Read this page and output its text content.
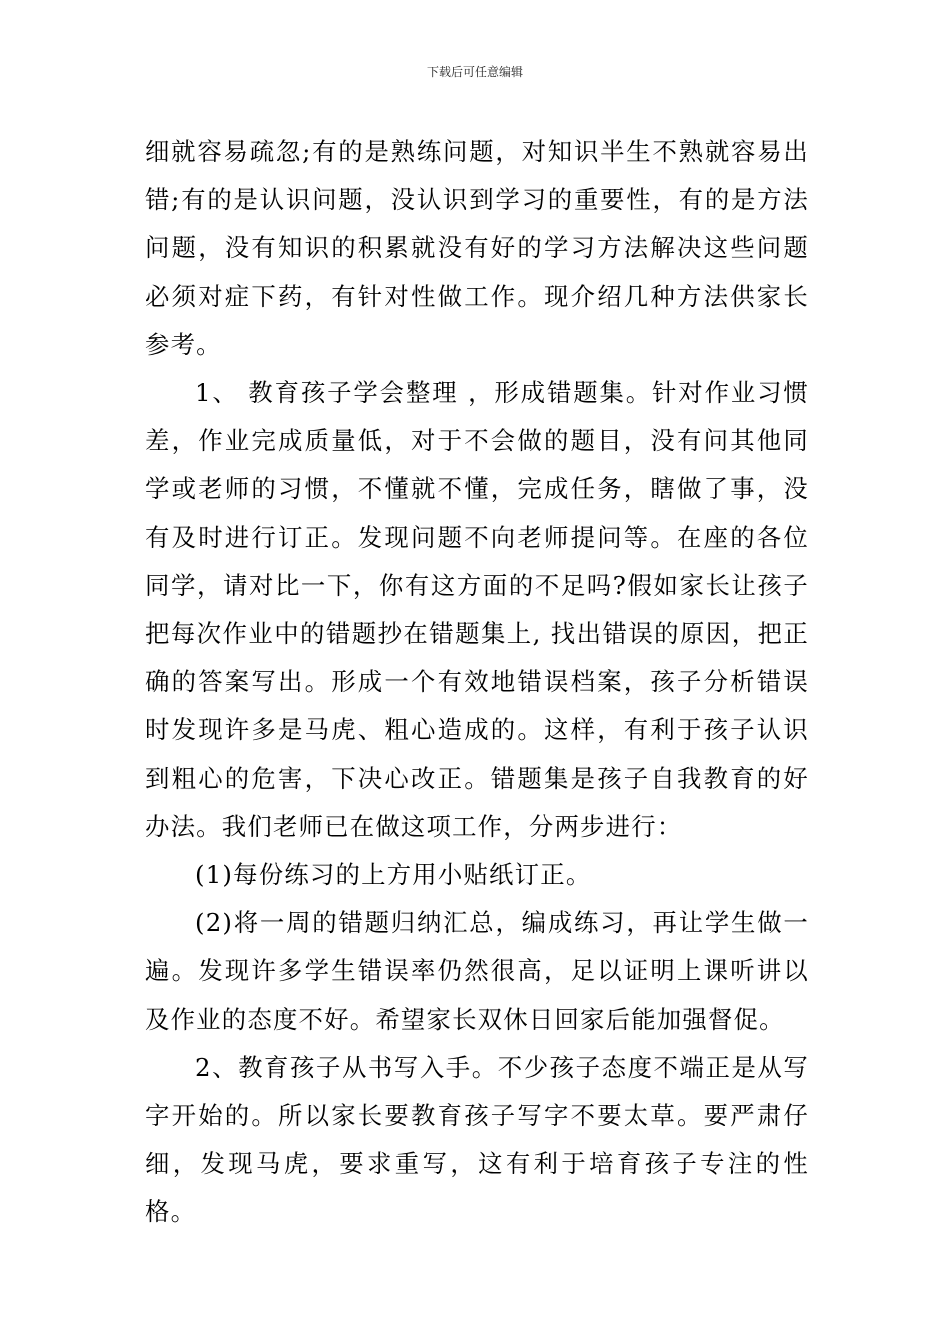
下载后可任意编辑

细就容易疏忽;有的是熟练问题，对知识半生不熟就容易出错;有的是认识问题，没认识到学习的重要性，有的是方法问题，没有知识的积累就没有好的学习方法解决这些问题必须对症下药，有针对性做工作。现介绍几种方法供家长参考。

1、 教育孩子学会整理 ，形成错题集。针对作业习惯差，作业完成质量低，对于不会做的题目，没有问其他同学或老师的习惯，不懂就不懂，完成任务，瞎做了事，没有及时进行订正。发现问题不向老师提问等。在座的各位同学，请对比一下，你有这方面的不足吗?假如家长让孩子把每次作业中的错题抄在错题集上, 找出错误的原因，把正确的答案写出。形成一个有效地错误档案，孩子分析错误时发现许多是马虎、粗心造成的。这样，有利于孩子认识到粗心的危害，下决心改正。错题集是孩子自我教育的好办法。我们老师已在做这项工作，分两步进行：

(1)每份练习的上方用小贴纸订正。

(2)将一周的错题归纳汇总，编成练习，再让学生做一遍。发现许多学生错误率仍然很高，足以证明上课听讲以及作业的态度不好。希望家长双休日回家后能加强督促。

2、教育孩子从书写入手。不少孩子态度不端正是从写字开始的。所以家长要教育孩子写字不要太草。要严肃仔细，发现马虎，要求重写，这有利于培育孩子专注的性格。
